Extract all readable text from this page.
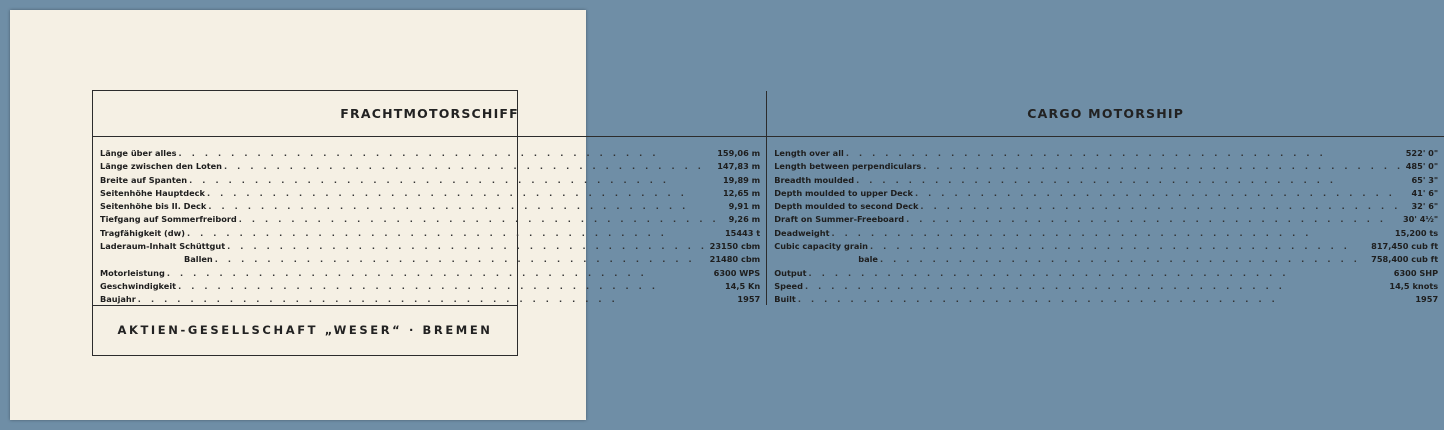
FRACHTMOTORSCHIFF
Länge über alles . . .	159,06 m
Länge zwischen den Loten . . .	147,83 m
Breite auf Spanten . . .	19,89 m
Seitenhöhe Hauptdeck . . .	12,65 m
Seitenhöhe bis II. Deck . . .	9,91 m
Tiefgang auf Sommerfreibord . . .	9,26 m
Tragfähigkeit (dw) . . .	15443 t
Laderaum-Inhalt Schüttgut . . .	23150 cbm
Ballen . . .	21480 cbm
Motorleistung . . .	6300 WPS
Geschwindigkeit . . .	14,5 Kn
Baujahr . . .	1957
CARGO MOTORSHIP
Length over all . . .	522' 0"
Length between perpendiculars . . .	485' 0"
Breadth moulded . . .	65' 3"
Depth moulded to upper Deck . . .	41' 6"
Depth moulded to second Deck . . .	32' 6"
Draft on Summer-Freeboard . . .	30' 4½"
Deadweight . . .	15,200 ts
Cubic capacity grain . . .	817,450 cub ft
bale . . .	758,400 cub ft
Output . . .	6300 SHP
Speed . . .	14,5 knots
Built . . .	1957
AKTIEN-GESELLSCHAFT „WESER“ · BREMEN
